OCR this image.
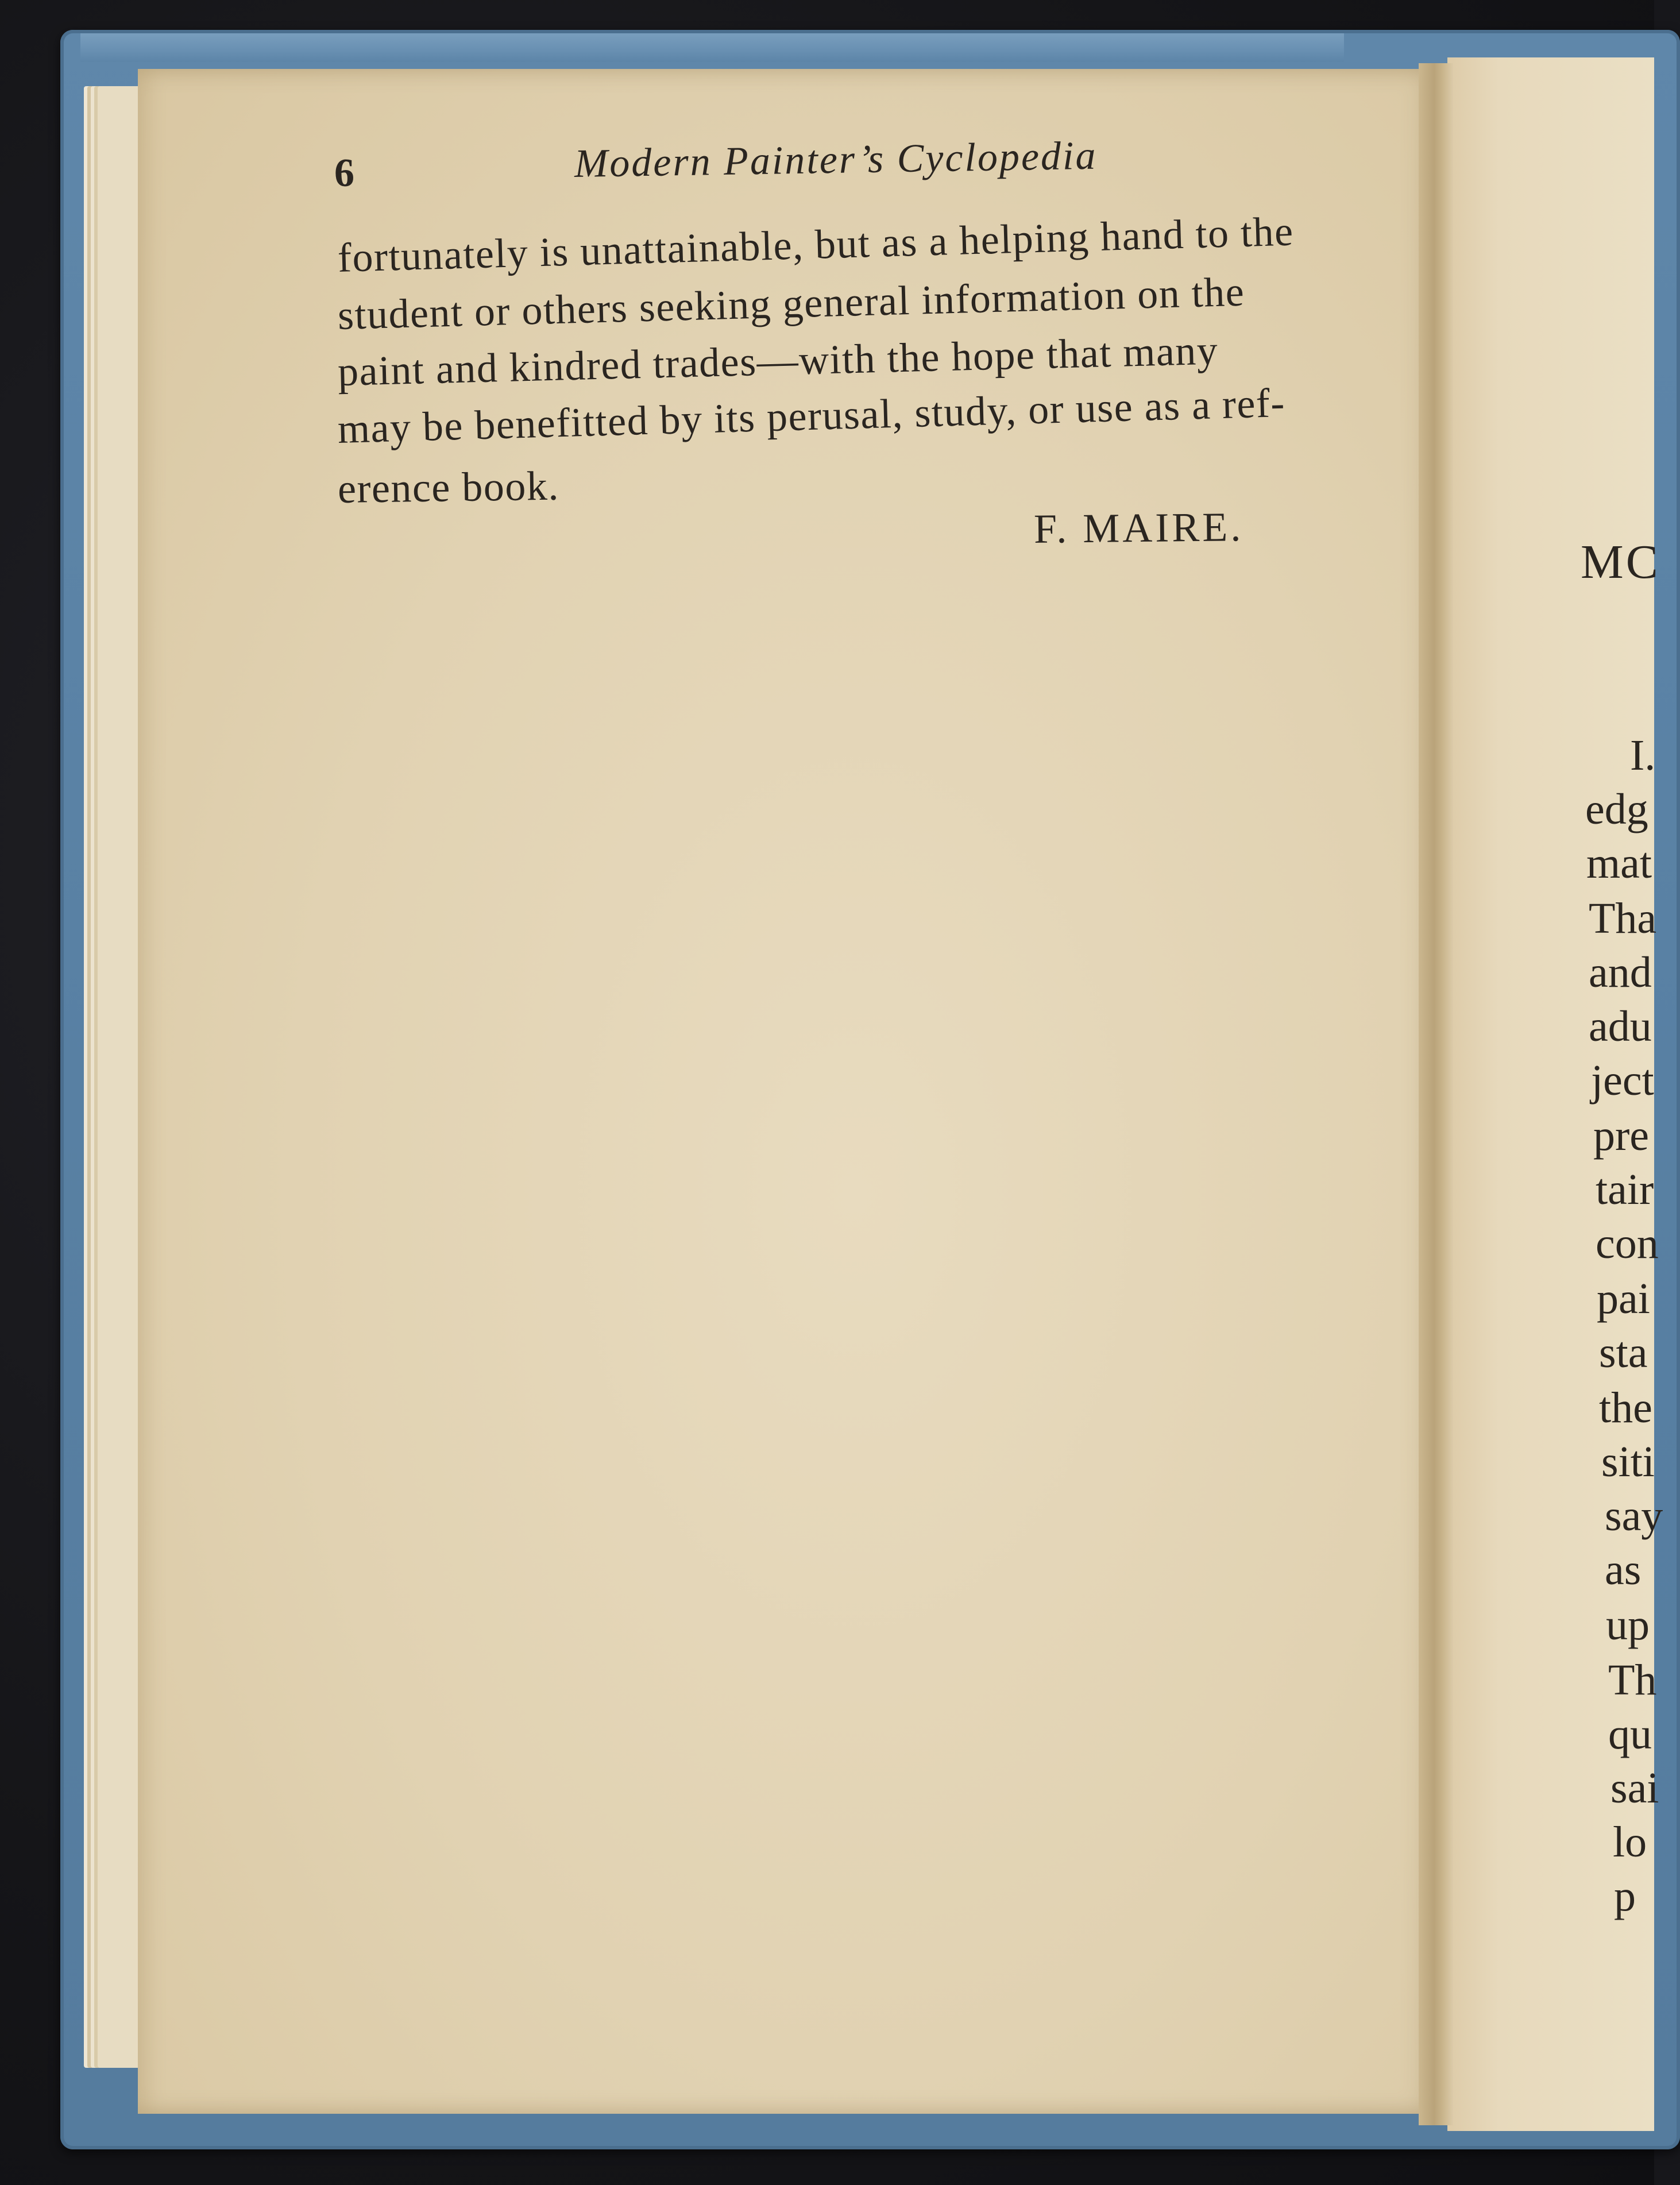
6	Modern Painter’s Cyclopedia
fortunately is unattainable, but as a helping hand to the
student or others seeking general information on the
paint and kindred trades—with the hope that many
may be benefitted by its perusal, study, or use as a ref-
erence book.
F. MAIRE.
MC
I.
edg
mat
Tha
and
adu
ject
pre
tair
con
pai
sta
the
siti
say
as
up
Th
qu
sai
lo
p
